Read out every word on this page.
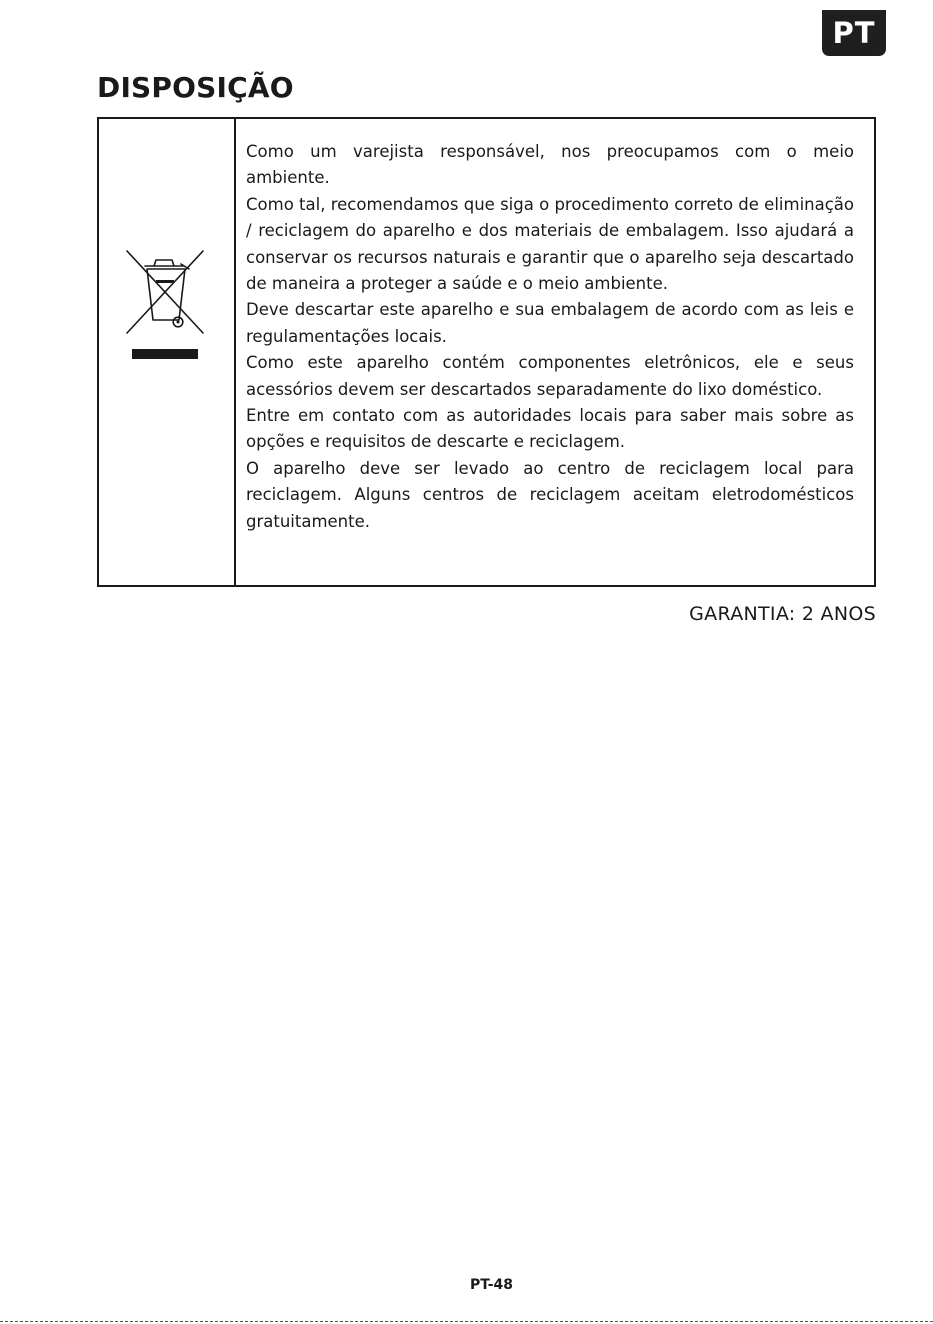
PT
DISPOSIÇÃO

Como um varejista responsável, nos preocupamos com o meio ambiente.

Como tal, recomendamos que siga o procedimento correto de eliminação / reciclagem do aparelho e dos materiais de embalagem. Isso ajudará a conservar os recursos naturais e garantir que o aparelho seja descartado de maneira a proteger a saúde e o meio ambiente.

Deve descartar este aparelho e sua embalagem de acordo com as leis e regulamentações locais.

Como este aparelho contém componentes eletrônicos, ele e seus acessórios devem ser descartados separadamente do lixo doméstico.

Entre em contato com as autoridades locais para saber mais sobre as opções e requisitos de descarte e reciclagem.

O aparelho deve ser levado ao centro de reciclagem local para reciclagem. Alguns centros de reciclagem aceitam eletrodomésticos gratuitamente.

GARANTIA: 2 ANOS
PT-48
